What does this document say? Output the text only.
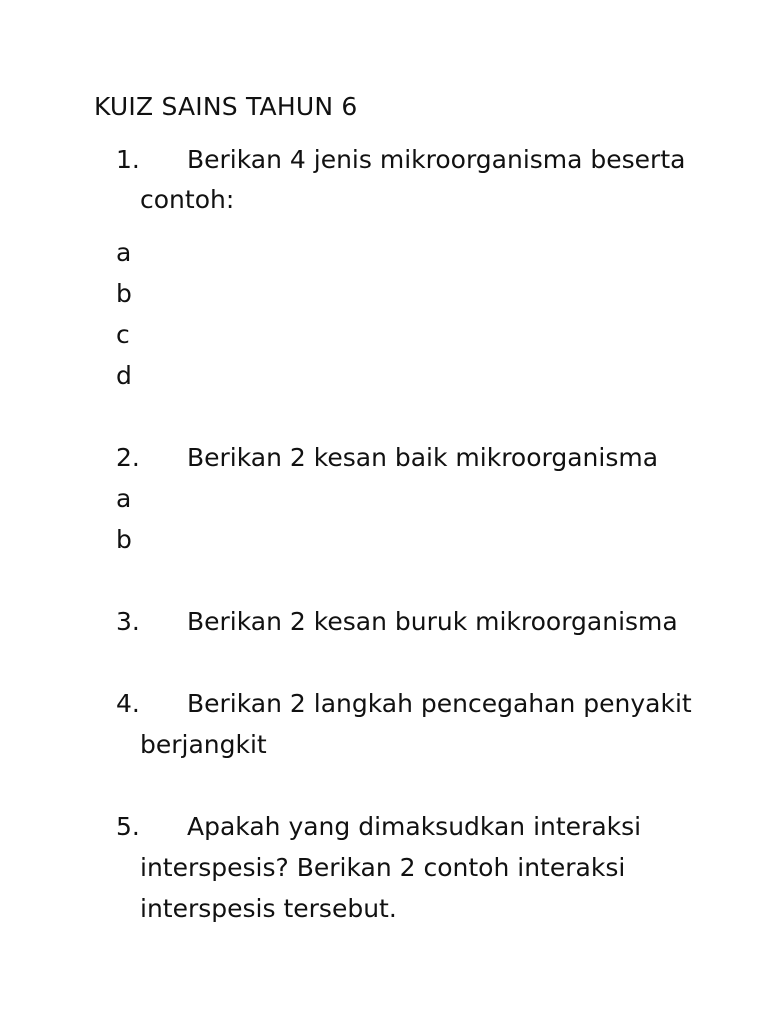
KUIZ SAINS TAHUN 6
1. Berikan 4 jenis mikroorganisma beserta
contoh:
a
b
c
d
2. Berikan 2 kesan baik mikroorganisma
a
b
3. Berikan 2 kesan buruk mikroorganisma
4. Berikan 2 langkah pencegahan penyakit
berjangkit
5. Apakah yang dimaksudkan interaksi
interspesis? Berikan 2 contoh interaksi
interspesis tersebut.
